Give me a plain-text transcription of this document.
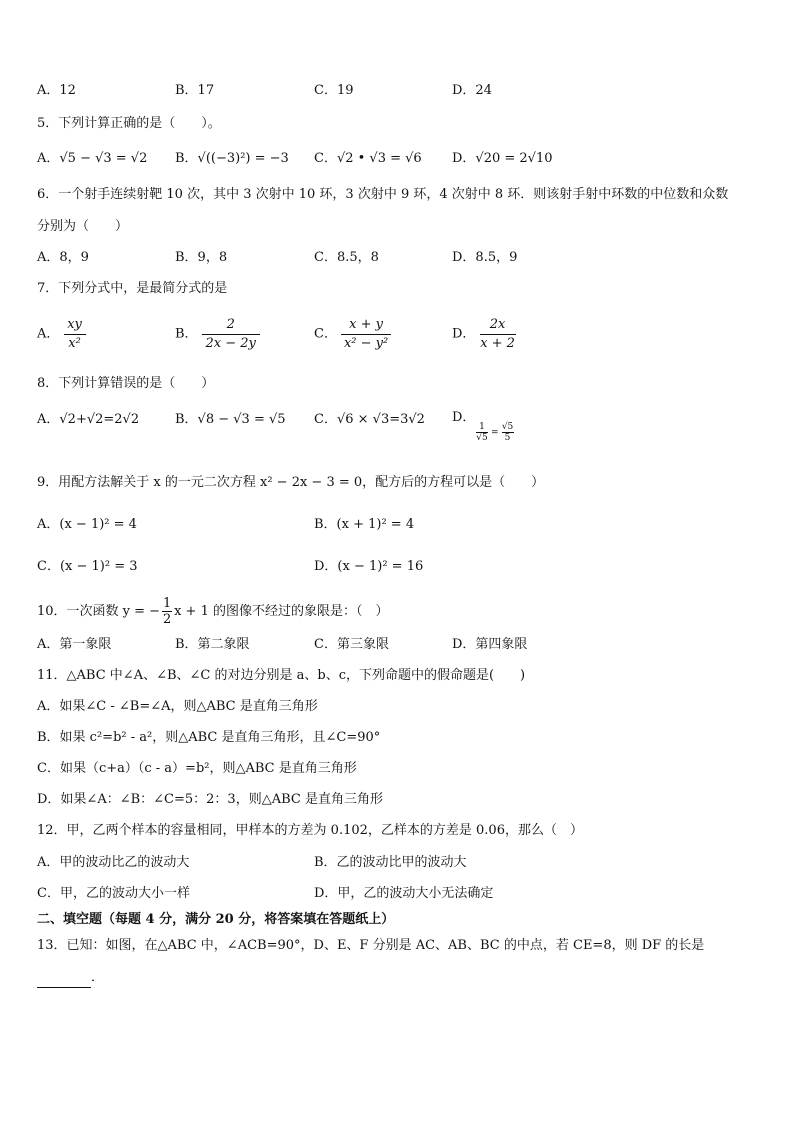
A．12	B．17	C．19	D．24
5．下列计算正确的是（　　）。
A．√5 − √3 = √2 B．√((−3)²) = −3 C．√2 • √3 = √6 D．√20 = 2√10
6．一个射手连续射靶 10 次，其中 3 次射中 10 环，3 次射中 9 环，4 次射中 8 环．则该射手射中环数的中位数和众数
分别为（　　）
A．8，9	B．9，8	C．8.5，8	D．8.5，9
7．下列分式中，是最简分式的是
A． $\frac{xy}{\text{x²}}$	B． $\frac{2}{2x - 2y}$	C． $\frac{x + y}{\text{x² − y²}}$	D． $\frac{2x}{x + 2}$
8．下列计算错误的是（　　）
A．√2+√2=2√2	B．√8 − √3 = √5 C．√6 × √3=3√2 D．
1
√5
=
√5
5
9．用配方法解关于 x 的一元二次方程 x² − 2x − 3 = 0，配方后的方程可以是（　　）
A．(x − 1)² = 4	B．(x + 1)² = 4
C．(x − 1)² = 3	D．(x − 1)² = 16
10．一次函数 y = − 1
2
x + 1 的图像不经过的象限是：（　）
A．第一象限	B．第二象限	C．第三象限	D．第四象限
11．△ABC 中∠A、∠B、∠C 的对边分别是 a、b、c，下列命题中的假命题是(　　)
A．如果∠C - ∠B=∠A，则△ABC 是直角三角形
B．如果 c²=b² - a²，则△ABC 是直角三角形，且∠C=90°
C．如果（c+a）（c - a）=b²，则△ABC 是直角三角形
D．如果∠A：∠B：∠C=5：2：3，则△ABC 是直角三角形
12．甲，乙两个样本的容量相同，甲样本的方差为 0.102，乙样本的方差是 0.06，那么（　）
A．甲的波动比乙的波动大	B．乙的波动比甲的波动大
C．甲，乙的波动大小一样	D．甲，乙的波动大小无法确定
二、填空题（每题 4 分，满分 20 分，将答案填在答题纸上）
13．已知：如图，在△ABC 中，∠ACB=90°，D、E、F 分别是 AC、AB、BC 的中点，若 CE=8，则 DF 的长是
．
